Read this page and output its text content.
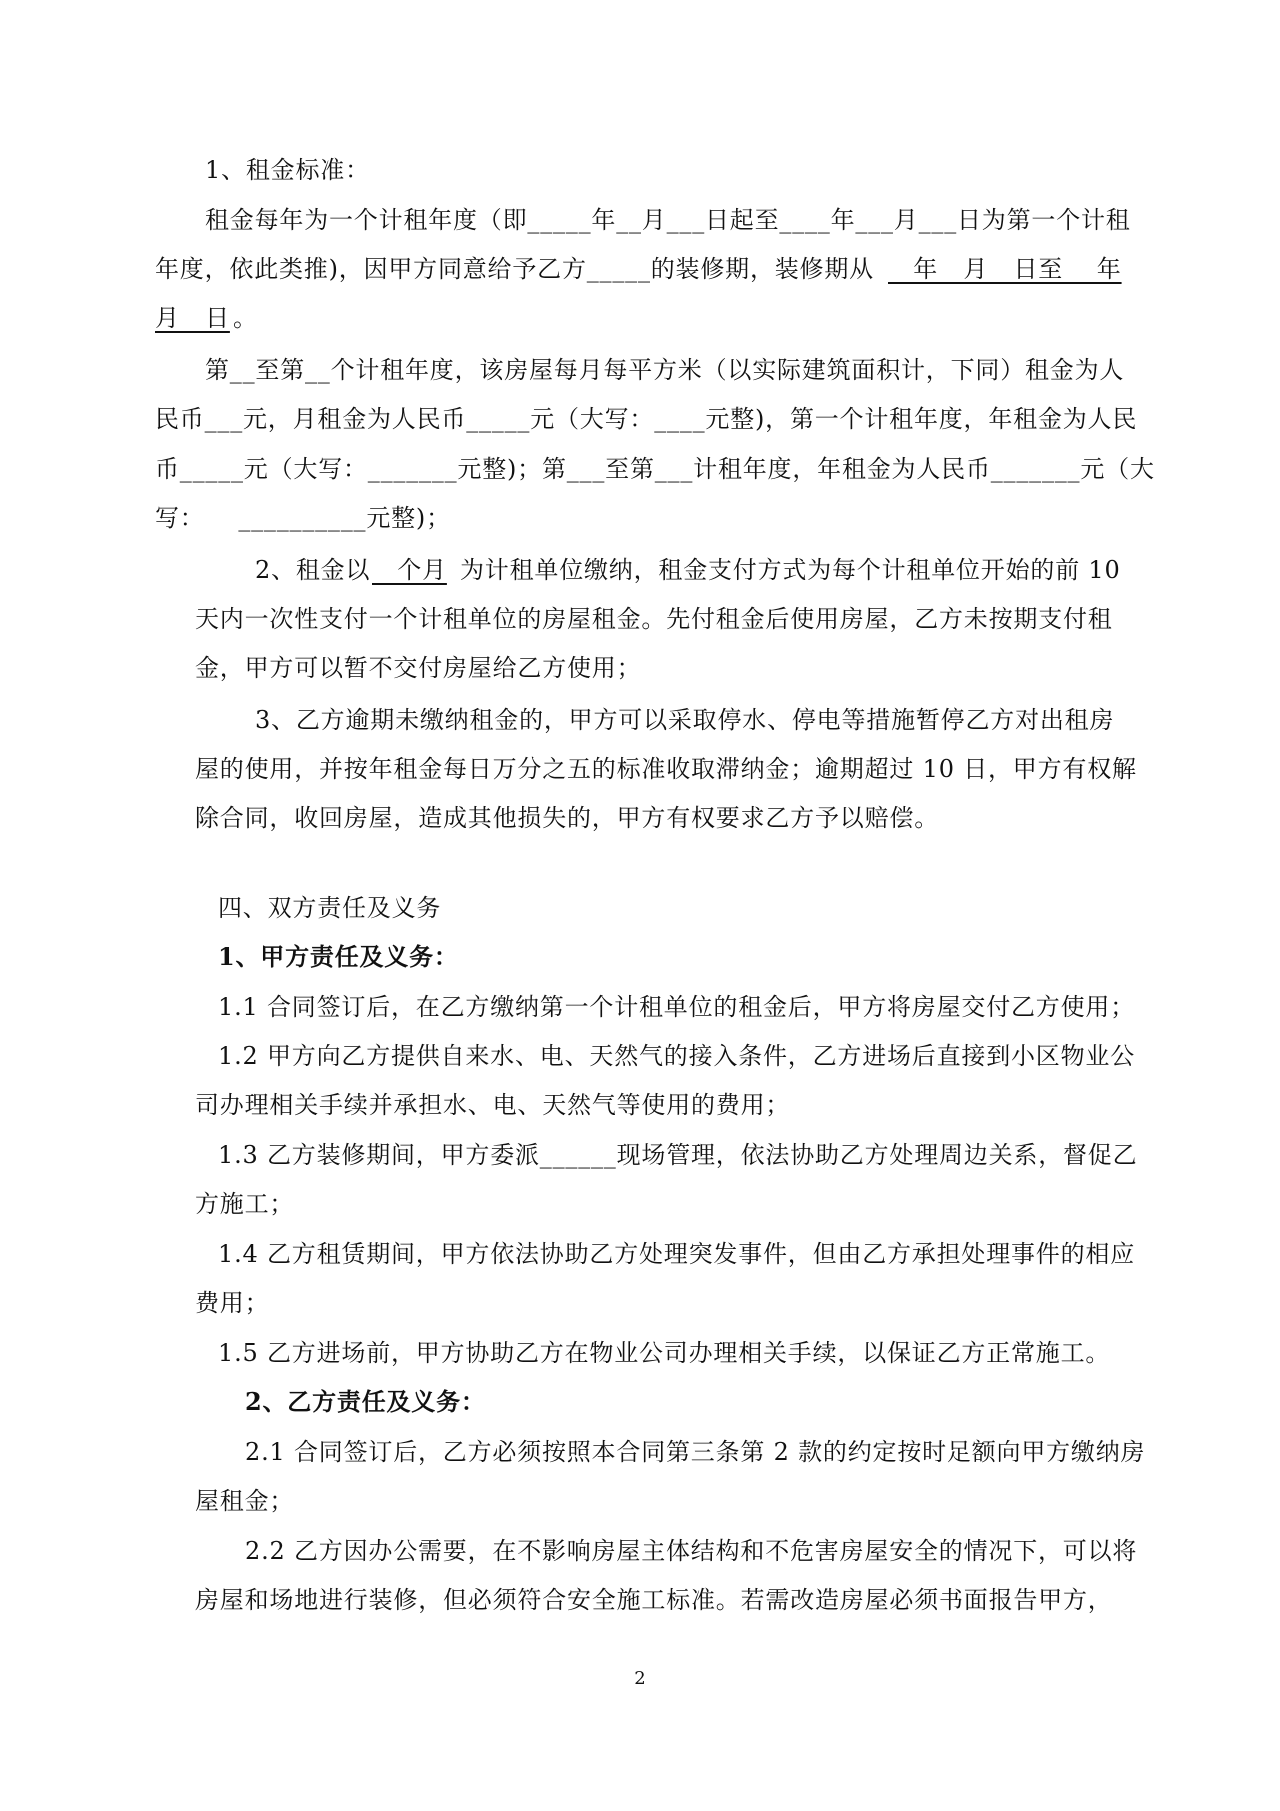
1、租金标准：

租金每年为一个计租年度（即_____年__月___日起至____年___月___日为第一个计租

年度，依此类推)，因甲方同意给予乙方_____的装修期，装修期从 年   月   日至    年

月   日 。

第__至第__个计租年度，该房屋每月每平方米（以实际建筑面积计，下同）租金为人

民币___元，月租金为人民币_____元（大写：____元整)，第一个计租年度，年租金为人民

币_____元（大写：_______元整)；第___至第___计租年度，年租金为人民币_______元（大

写：    __________元整)；

2、租金以 个月 为计租单位缴纳，租金支付方式为每个计租单位开始的前 10

天内一次性支付一个计租单位的房屋租金。先付租金后使用房屋，乙方未按期支付租

金，甲方可以暂不交付房屋给乙方使用；

3、乙方逾期未缴纳租金的，甲方可以采取停水、停电等措施暂停乙方对出租房

屋的使用，并按年租金每日万分之五的标准收取滞纳金；逾期超过 10 日，甲方有权解

除合同，收回房屋，造成其他损失的，甲方有权要求乙方予以赔偿。

四、双方责任及义务

1、甲方责任及义务：

1.1 合同签订后，在乙方缴纳第一个计租单位的租金后，甲方将房屋交付乙方使用；

1.2 甲方向乙方提供自来水、电、天然气的接入条件，乙方进场后直接到小区物业公

司办理相关手续并承担水、电、天然气等使用的费用；

1.3 乙方装修期间，甲方委派______现场管理，依法协助乙方处理周边关系，督促乙

方施工；

1.4 乙方租赁期间，甲方依法协助乙方处理突发事件，但由乙方承担处理事件的相应

费用；

1.5 乙方进场前，甲方协助乙方在物业公司办理相关手续，以保证乙方正常施工。

2、乙方责任及义务：

2.1 合同签订后，乙方必须按照本合同第三条第 2 款的约定按时足额向甲方缴纳房

屋租金；

2.2 乙方因办公需要，在不影响房屋主体结构和不危害房屋安全的情况下，可以将

房屋和场地进行装修，但必须符合安全施工标准。若需改造房屋必须书面报告甲方，

2
